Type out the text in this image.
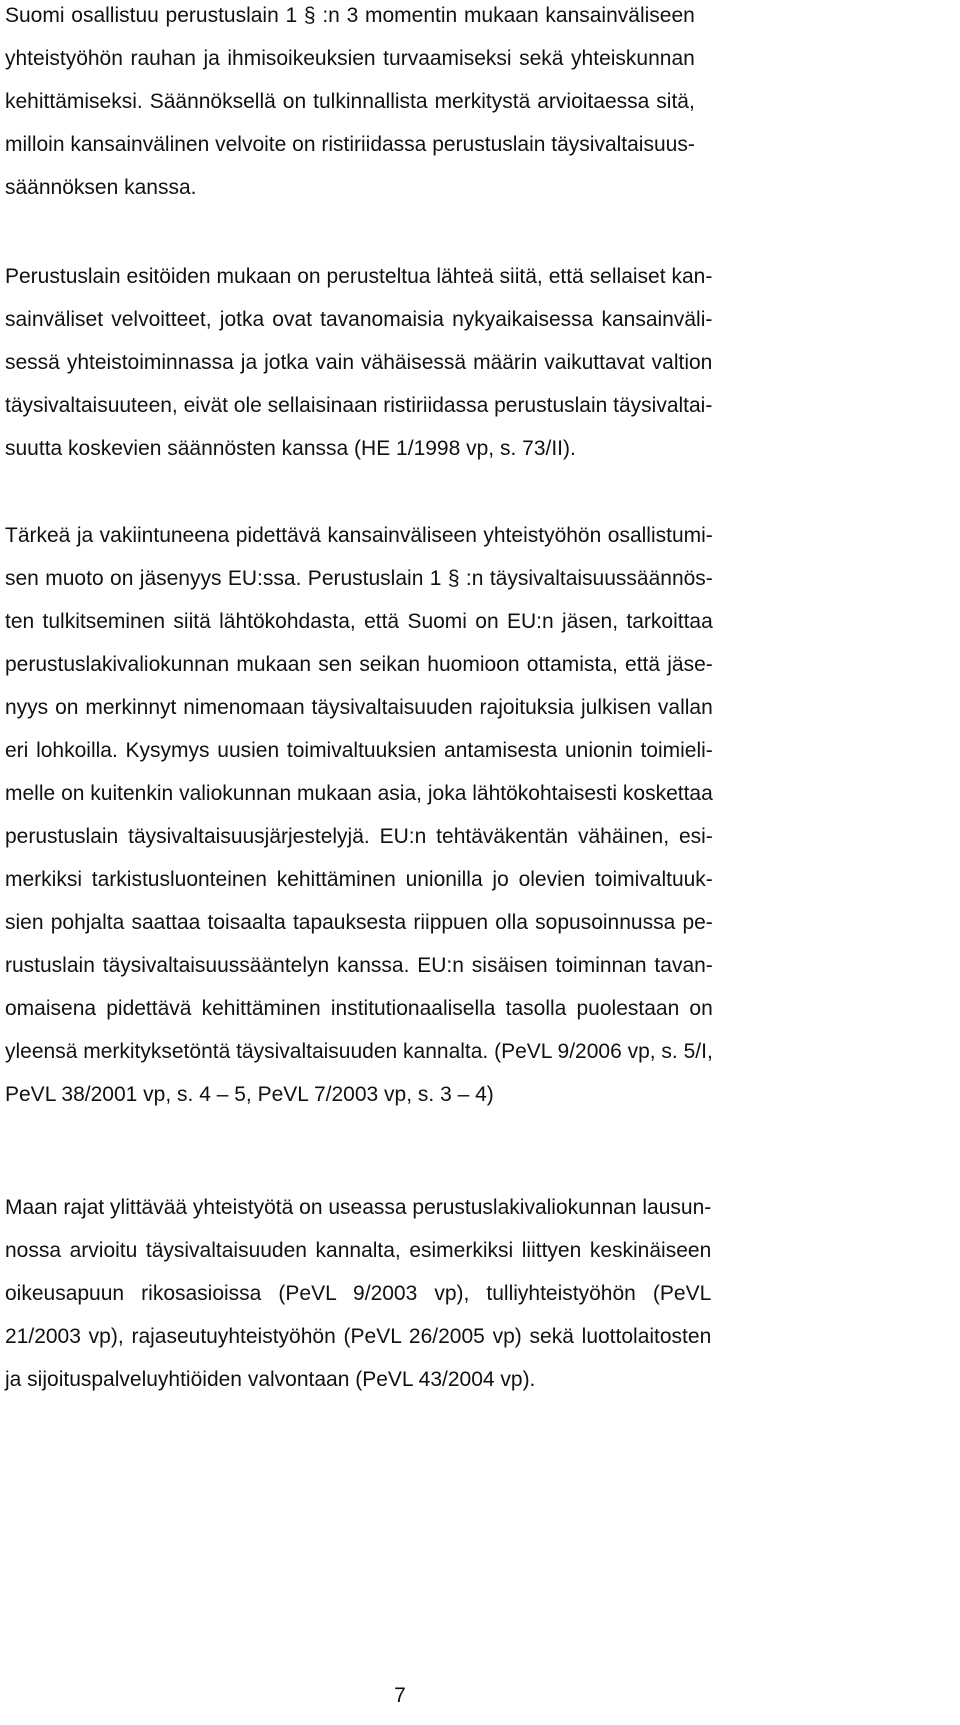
Suomi osallistuu perustuslain 1 § :n 3 momentin mukaan kansainväliseen
yhteistyöhön rauhan ja ihmisoikeuksien turvaamiseksi sekä yhteiskunnan
kehittämiseksi. Säännöksellä on tulkinnallista merkitystä arvioitaessa sitä,
milloin kansainvälinen velvoite on ristiriidassa perustuslain täysivaltaisuus-
säännöksen kanssa.
Perustuslain esitöiden mukaan on perusteltua lähteä siitä, että sellaiset kan-
sainväliset velvoitteet, jotka ovat tavanomaisia nykyaikaisessa kansainväli-
sessä yhteistoiminnassa ja jotka vain vähäisessä määrin vaikuttavat valtion
täysivaltaisuuteen, eivät ole sellaisinaan ristiriidassa perustuslain täysivaltai-
suutta koskevien säännösten kanssa (HE 1/1998 vp, s. 73/II).
Tärkeä ja vakiintuneena pidettävä kansainväliseen yhteistyöhön osallistumi-
sen muoto on jäsenyys EU:ssa. Perustuslain 1 § :n täysivaltaisuussäännös-
ten tulkitseminen siitä lähtökohdasta, että Suomi on EU:n jäsen, tarkoittaa
perustuslakivaliokunnan mukaan sen seikan huomioon ottamista, että jäse-
nyys on merkinnyt nimenomaan täysivaltaisuuden rajoituksia julkisen vallan
eri lohkoilla. Kysymys uusien toimivaltuuksien antamisesta unionin toimieli-
melle on kuitenkin valiokunnan mukaan asia, joka lähtökohtaisesti koskettaa
perustuslain täysivaltaisuusjärjestelyjä. EU:n tehtäväkentän vähäinen, esi-
merkiksi tarkistusluonteinen kehittäminen unionilla jo olevien toimivaltuuk-
sien pohjalta saattaa toisaalta tapauksesta riippuen olla sopusoinnussa pe-
rustuslain täysivaltaisuussääntelyn kanssa. EU:n sisäisen toiminnan tavan-
omaisena pidettävä kehittäminen institutionaalisella tasolla puolestaan on
yleensä merkityksetöntä täysivaltaisuuden kannalta. (PeVL 9/2006 vp, s. 5/I,
PeVL 38/2001 vp, s. 4 – 5, PeVL 7/2003 vp, s. 3 – 4)
Maan rajat ylittävää yhteistyötä on useassa perustuslakivaliokunnan lausun-
nossa arvioitu täysivaltaisuuden kannalta, esimerkiksi liittyen keskinäiseen
oikeusapuun rikosasioissa (PeVL 9/2003 vp), tulliyhteistyöhön (PeVL
21/2003 vp), rajaseutuyhteistyöhön (PeVL 26/2005 vp) sekä luottolaitosten
ja sijoituspalveluyhtiöiden valvontaan (PeVL 43/2004 vp).
7
